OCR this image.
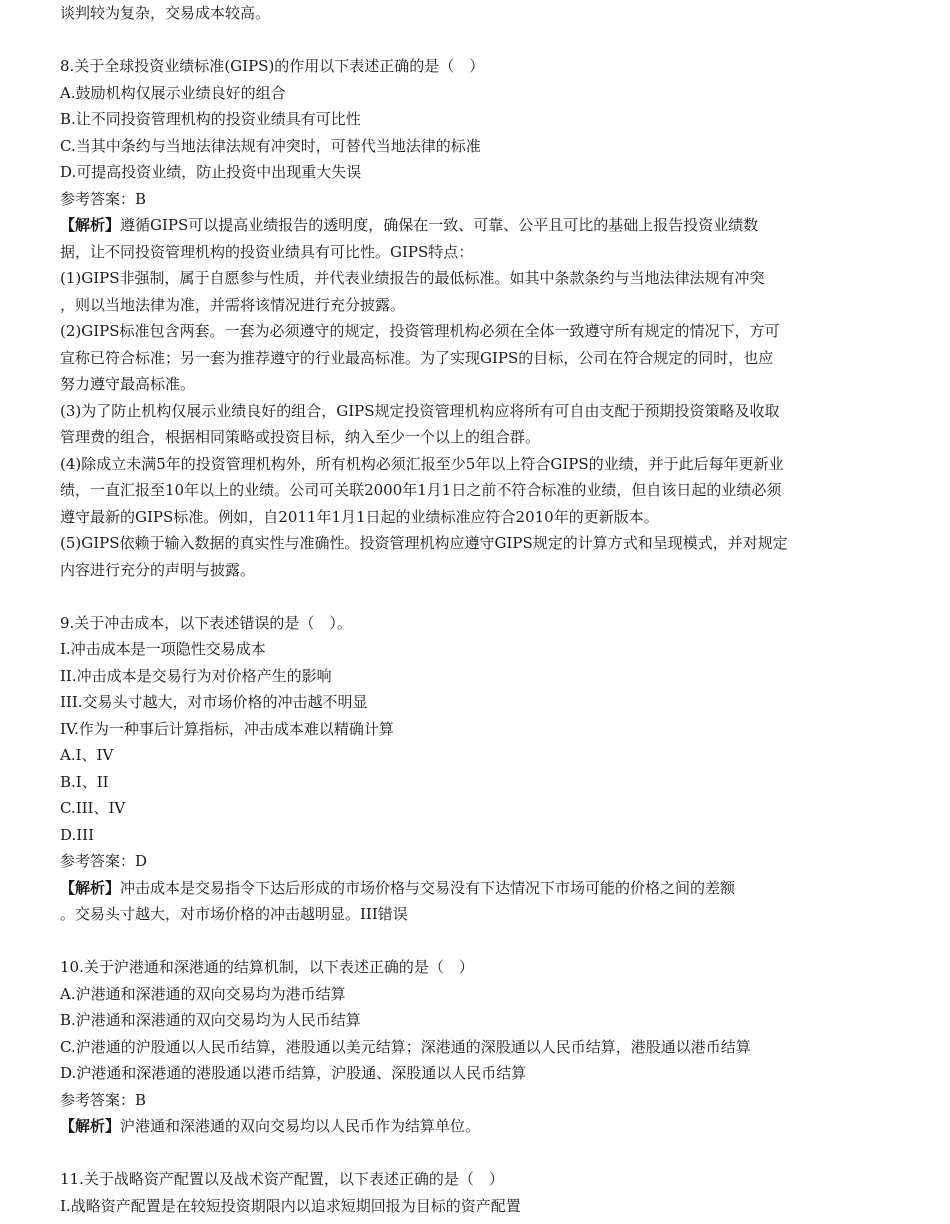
谈判较为复杂，交易成本较高。
8.关于全球投资业绩标准(GIPS)的作用以下表述正确的是（　）
A.鼓励机构仅展示业绩良好的组合
B.让不同投资管理机构的投资业绩具有可比性
C.当其中条约与当地法律法规有冲突时，可替代当地法律的标准
D.可提高投资业绩，防止投资中出现重大失误
参考答案：B
【解析】遵循GIPS可以提高业绩报告的透明度，确保在一致、可靠、公平且可比的基础上报告投资业绩数
据，让不同投资管理机构的投资业绩具有可比性。GIPS特点：
(1)GIPS非强制，属于自愿参与性质，并代表业绩报告的最低标准。如其中条款条约与当地法律法规有冲突
，则以当地法律为准，并需将该情况进行充分披露。
(2)GIPS标准包含两套。一套为必须遵守的规定，投资管理机构必须在全体一致遵守所有规定的情况下，方可
宣称已符合标准；另一套为推荐遵守的行业最高标准。为了实现GIPS的目标，公司在符合规定的同时，也应
努力遵守最高标准。
(3)为了防止机构仅展示业绩良好的组合，GIPS规定投资管理机构应将所有可自由支配于预期投资策略及收取
管理费的组合，根据相同策略或投资目标，纳入至少一个以上的组合群。
(4)除成立未满5年的投资管理机构外，所有机构必须汇报至少5年以上符合GIPS的业绩，并于此后每年更新业
绩，一直汇报至10年以上的业绩。公司可关联2000年1月1日之前不符合标准的业绩，但自该日起的业绩必须
遵守最新的GIPS标准。例如，自2011年1月1日起的业绩标准应符合2010年的更新版本。
(5)GIPS依赖于输入数据的真实性与准确性。投资管理机构应遵守GIPS规定的计算方式和呈现模式，并对规定
内容进行充分的声明与披露。
9.关于冲击成本，以下表述错误的是（　）。
I.冲击成本是一项隐性交易成本
II.冲击成本是交易行为对价格产生的影响
III.交易头寸越大，对市场价格的冲击越不明显
IV.作为一种事后计算指标，冲击成本难以精确计算
A.I、IV
B.I、II
C.III、IV
D.III
参考答案：D
【解析】冲击成本是交易指令下达后形成的市场价格与交易没有下达情况下市场可能的价格之间的差额
。交易头寸越大，对市场价格的冲击越明显。III错误
10.关于沪港通和深港通的结算机制，以下表述正确的是（　）
A.沪港通和深港通的双向交易均为港币结算
B.沪港通和深港通的双向交易均为人民币结算
C.沪港通的沪股通以人民币结算，港股通以美元结算；深港通的深股通以人民币结算，港股通以港币结算
D.沪港通和深港通的港股通以港币结算，沪股通、深股通以人民币结算
参考答案：B
【解析】沪港通和深港通的双向交易均以人民币作为结算单位。
11.关于战略资产配置以及战术资产配置，以下表述正确的是（　）
I.战略资产配置是在较短投资期限内以追求短期回报为目标的资产配置
